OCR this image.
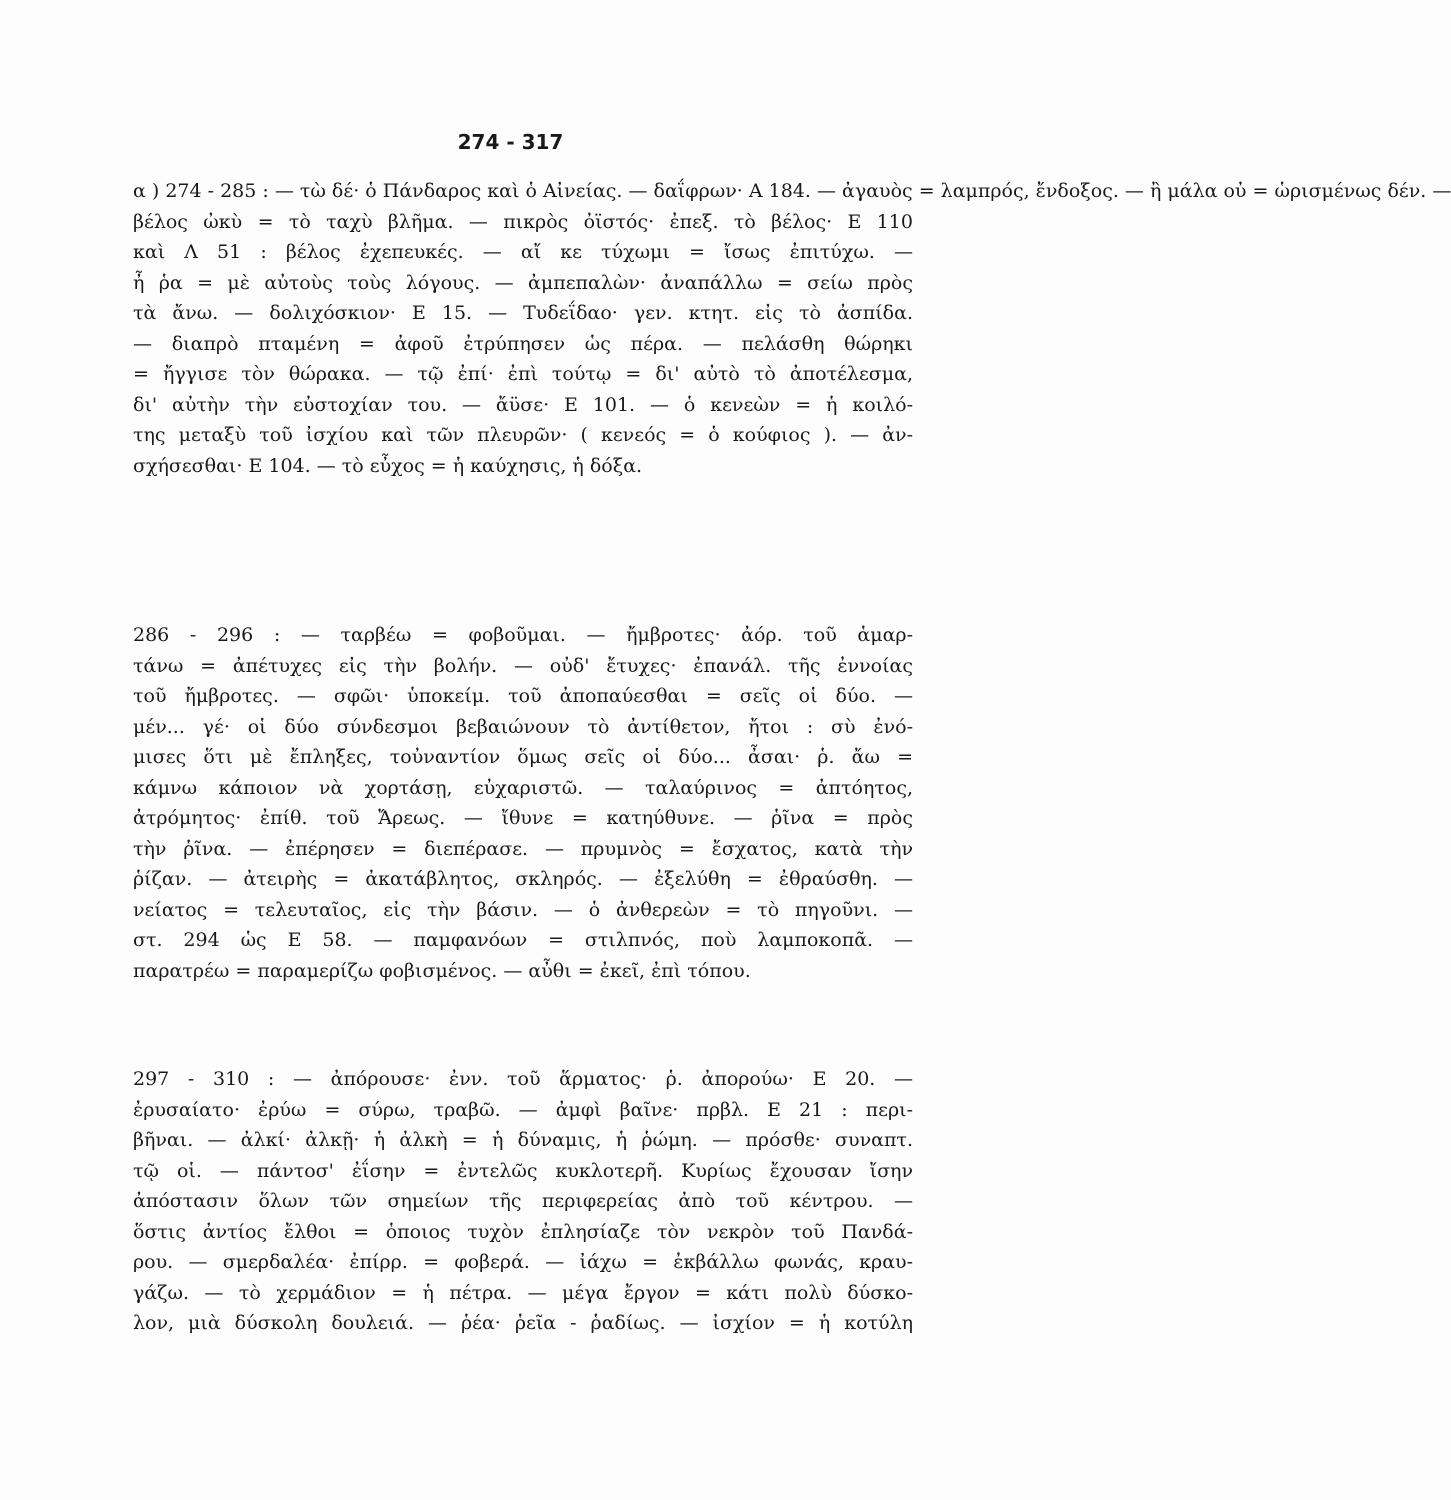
274 - 317
α ) 274 - 285 : — τὼ δέ· ὁ Πάνδαρος καὶ ὁ Αἰνείας. — δαΐφρων· Α 184. — ἀγαυὸς = λαμπρός, ἔνδοξος. — ἢ μάλα οὐ = ὡρισμένως δέν. —
βέλος ὠκὺ = τὸ ταχὺ βλῆμα. — πικρὸς ὀϊστός· ἐπεξ. τὸ βέλος· Ε 110
καὶ Λ 51 : βέλος ἐχεπευκές. — αἴ κε τύχωμι = ἴσως ἐπιτύχω. —
ἦ ῥα = μὲ αὐτοὺς τοὺς λόγους. — ἀμπεπαλὼν· ἀναπάλλω = σείω πρὸς
τὰ ἄνω. — δολιχόσκιον· Ε 15. — Τυδεΐδαο· γεν. κτητ. εἰς τὸ ἀσπίδα.
— διαπρὸ πταμένη = ἀφοῦ ἐτρύπησεν ὡς πέρα. — πελάσθη θώρηκι
= ἤγγισε τὸν θώρακα. — τῷ ἐπί· ἐπὶ τούτῳ = δι' αὐτὸ τὸ ἀποτέλεσμα,
δι' αὐτὴν τὴν εὐστοχίαν του. — ἄϋσε· Ε 101. — ὁ κενεὼν = ἡ κοιλό-
της μεταξὺ τοῦ ἰσχίου καὶ τῶν πλευρῶν· ( κενεός = ὁ κούφιος ). — ἀν-
σχήσεσθαι· Ε 104. — τὸ εὖχος = ἡ καύχησις, ἡ δόξα.
286 - 296 : — ταρβέω = φοβοῦμαι. — ἤμβροτες· ἀόρ. τοῦ ἁμαρ-
τάνω = ἀπέτυχες εἰς τὴν βολήν. — οὐδ' ἔτυχες· ἐπανάλ. τῆς ἐννοίας
τοῦ ἤμβροτες. — σφῶι· ὑποκείμ. τοῦ ἀποπαύεσθαι = σεῖς οἱ δύο. —
μέν... γέ· οἱ δύο σύνδεσμοι βεβαιώνουν τὸ ἀντίθετον, ἤτοι : σὺ ἐνό-
μισες ὅτι μὲ ἔπληξες, τοὐναντίον ὅμως σεῖς οἱ δύο... ἆσαι· ῥ. ἄω =
κάμνω κάποιον νὰ χορτάσῃ, εὐχαριστῶ. — ταλαύρινος = ἀπτόητος,
ἀτρόμητος· ἐπίθ. τοῦ Ἄρεως. — ἴθυνε = κατηύθυνε. — ῥῖνα = πρὸς
τὴν ῥῖνα. — ἐπέρησεν = διεπέρασε. — πρυμνὸς = ἔσχατος, κατὰ τὴν
ῥίζαν. — ἀτειρὴς = ἀκατάβλητος, σκληρός. — ἐξελύθη = ἐθραύσθη. —
νείατος = τελευταῖος, εἰς τὴν βάσιν. — ὁ ἀνθερεὼν = τὸ πηγοῦνι. —
στ. 294 ὡς Ε 58. — παμφανόων = στιλπνός, ποὺ λαμποκοπᾶ. —
παρατρέω = παραμερίζω φοβισμένος. — αὖθι = ἐκεῖ, ἐπὶ τόπου.
297 - 310 : — ἀπόρουσε· ἐνν. τοῦ ἅρματος· ῥ. ἀπορούω· Ε 20. —
ἐρυσαίατο· ἐρύω = σύρω, τραβῶ. — ἀμφὶ βαῖνε· πρβλ. Ε 21 : περι-
βῆναι. — ἀλκί· ἀλκῇ· ἡ ἀλκὴ = ἡ δύναμις, ἡ ῥώμη. — πρόσθε· συναπτ.
τῷ οἱ. — πάντοσ' ἐΐσην = ἐντελῶς κυκλοτερῆ. Κυρίως ἔχουσαν ἴσην
ἀπόστασιν ὅλων τῶν σημείων τῆς περιφερείας ἀπὸ τοῦ κέντρου. —
ὅστις ἀντίος ἔλθοι = ὁποιος τυχὸν ἐπλησίαζε τὸν νεκρὸν τοῦ Πανδά-
ρου. — σμερδαλέα· ἐπίρρ. = φοβερά. — ἰάχω = ἐκβάλλω φωνάς, κραυ-
γάζω. — τὸ χερμάδιον = ἡ πέτρα. — μέγα ἔργον = κάτι πολὺ δύσκο-
λον, μιὰ δύσκολη δουλειά. — ῥέα· ῥεῖα - ῥαδίως. — ἰσχίον = ἡ κοτύλη
